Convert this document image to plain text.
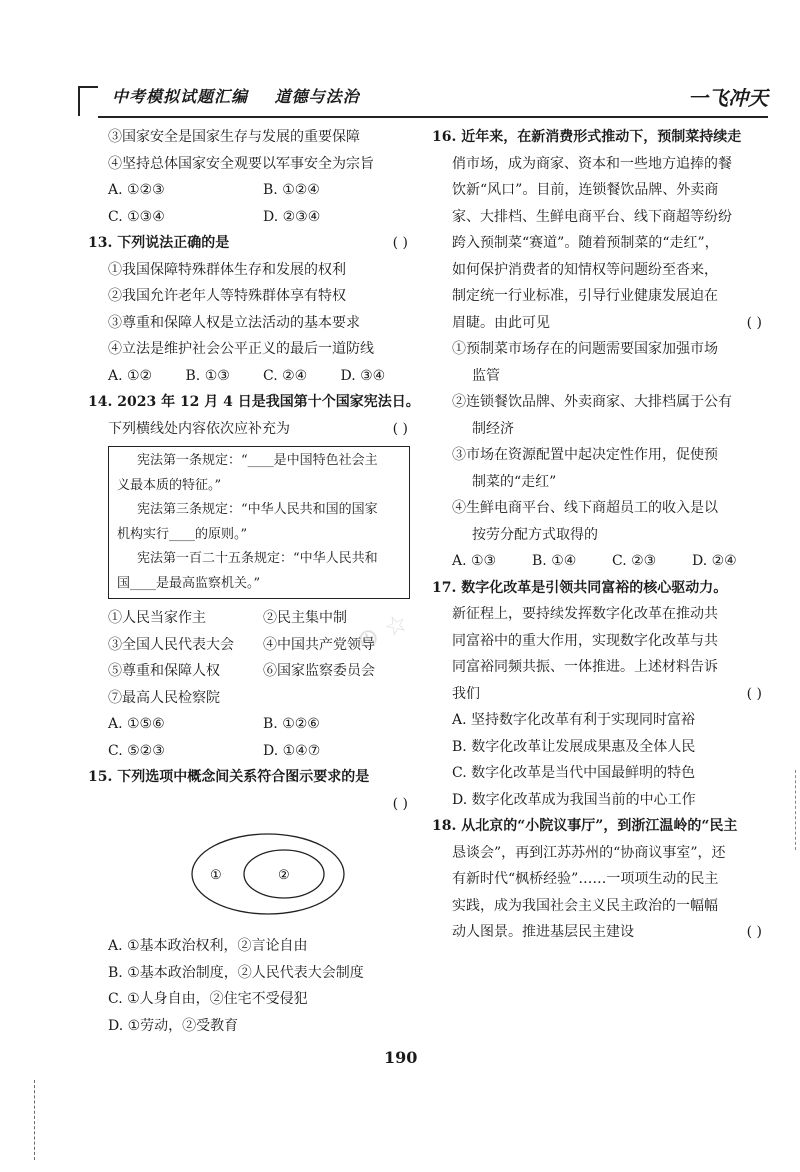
中考模拟试题汇编 道德与法治	一飞冲天
③国家安全是国家生存与发展的重要保障
④坚持总体国家安全观要以军事安全为宗旨
A. ①②③	B. ①②④
C. ①③④	D. ②③④
13. 下列说法正确的是	( )
①我国保障特殊群体生存和发展的权利
②我国允许老年人等特殊群体享有特权
③尊重和保障人权是立法活动的基本要求
④立法是维护社会公平正义的最后一道防线
A. ①②	B. ①③	C. ②④	D. ③④
14. 2023 年 12 月 4 日是我国第十个国家宪法日。
下列横线处内容依次应补充为	( )
宪法第一条规定：“____是中国特色社会主
义最本质的特征。”
宪法第三条规定：“中华人民共和国的国家
机构实行____的原则。”
宪法第一百二十五条规定：“中华人民共和
国____是最高监察机关。”
①人民当家作主	②民主集中制
③全国人民代表大会	④中国共产党领导
⑤尊重和保障人权	⑥国家监察委员会
⑦最高人民检察院
A. ①⑤⑥	B. ①②⑥
C. ⑤②③	D. ①④⑦
15. 下列选项中概念间关系符合图示要求的是
( )
①	②
A. ①基本政治权利，②言论自由
B. ①基本政治制度，②人民代表大会制度
C. ①人身自由，②住宅不受侵犯
D. ①劳动，②受教育
16. 近年来，在新消费形式推动下，预制菜持续走
俏市场，成为商家、资本和一些地方追捧的餐
饮新“风口”。目前，连锁餐饮品牌、外卖商
家、大排档、生鲜电商平台、线下商超等纷纷
跨入预制菜“赛道”。随着预制菜的“走红”，
如何保护消费者的知情权等问题纷至沓来，
制定统一行业标准，引导行业健康发展迫在
眉睫。由此可见	( )
①预制菜市场存在的问题需要国家加强市场
监管
②连锁餐饮品牌、外卖商家、大排档属于公有
制经济
③市场在资源配置中起决定性作用，促使预
制菜的“走红”
④生鲜电商平台、线下商超员工的收入是以
按劳分配方式取得的
A. ①③	B. ①④	C. ②③	D. ②④
17. 数字化改革是引领共同富裕的核心驱动力。
新征程上，要持续发挥数字化改革在推动共
同富裕中的重大作用，实现数字化改革与共
同富裕同频共振、一体推进。上述材料告诉
我们	( )
A. 坚持数字化改革有利于实现同时富裕
B. 数字化改革让发展成果惠及全体人民
C. 数字化改革是当代中国最鲜明的特色
D. 数字化改革成为我国当前的中心工作
18. 从北京的“小院议事厅”，到浙江温岭的“民主
恳谈会”，再到江苏苏州的“协商议事室”，还
有新时代“枫桥经验”……一项项生动的民主
实践，成为我国社会主义民主政治的一幅幅
动人图景。推进基层民主建设	( )
⊕ ☆
190
